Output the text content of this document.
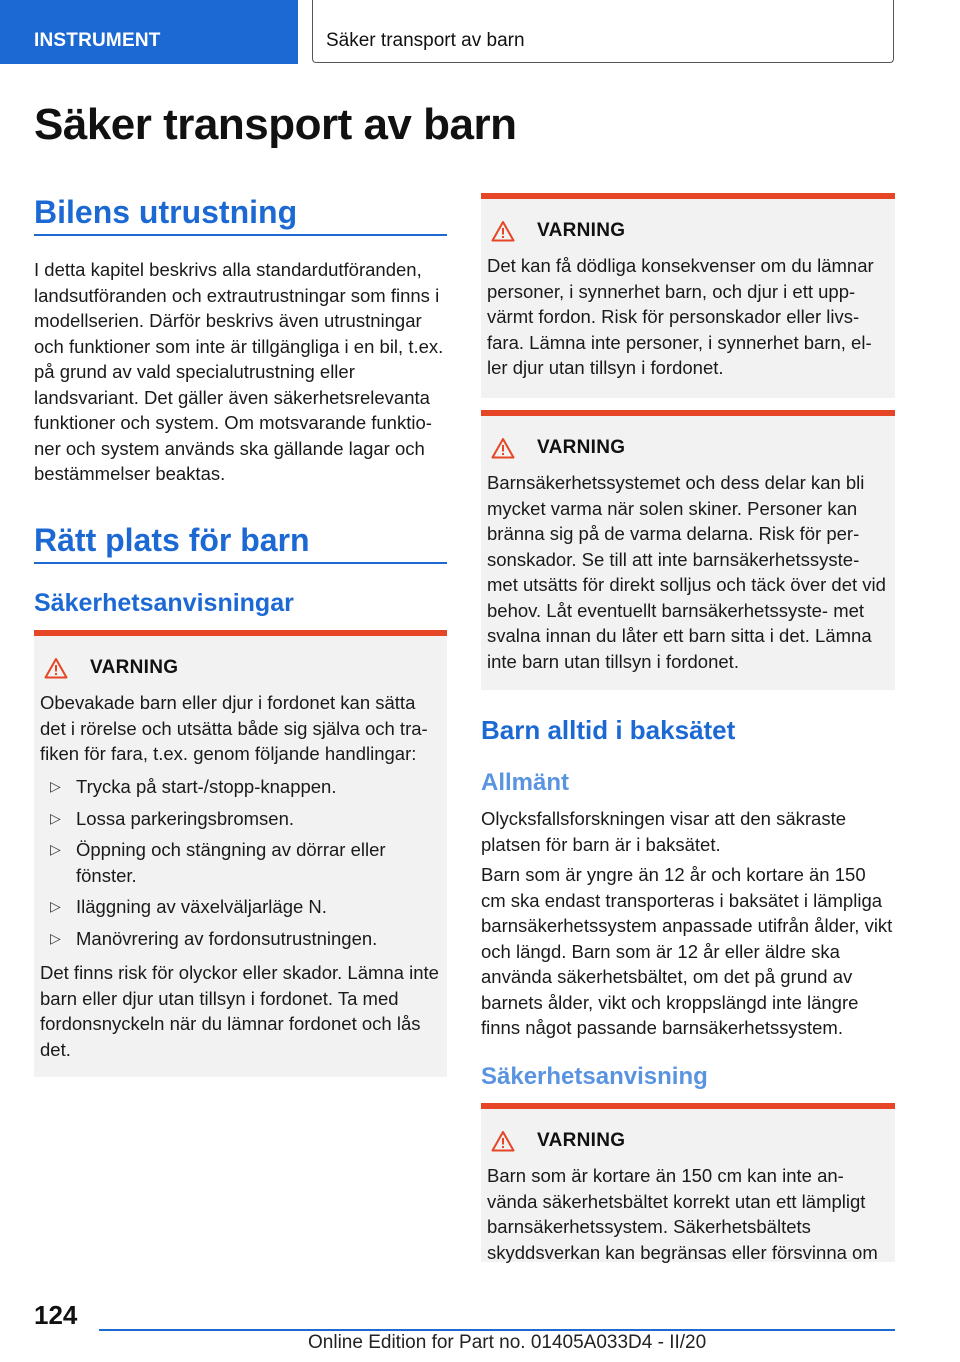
INSTRUMENT	Säker transport av barn
Säker transport av barn
Bilens utrustning

I detta kapitel beskrivs alla standardutföranden, landsutföranden och extrautrustningar som finns i modellserien. Därför beskrivs även utrustningar och funktioner som inte är tillgängliga i en bil, t.ex. på grund av vald specialutrustning eller landsvariant. Det gäller även säkerhetsrelevanta funktioner och system. Om motsvarande funktio‐ ner och system används ska gällande lagar och bestämmelser beaktas.

Rätt plats för barn
Säkerhetsanvisningar
VARNING

Obevakade barn eller djur i fordonet kan sätta det i rörelse och utsätta både sig själva och tra‐ fiken för fara, t.ex. genom följande handlingar:

▷ Trycka på start-/stopp-knappen.
▷ Lossa parkeringsbromsen.
▷ Öppning och stängning av dörrar eller fönster.
▷ Iläggning av växelväljarläge N.
▷ Manövrering av fordonsutrustningen.

Det finns risk för olyckor eller skador. Lämna inte barn eller djur utan tillsyn i fordonet. Ta med fordonsnyckeln när du lämnar fordonet och lås det.

VARNING

Det kan få dödliga konsekvenser om du lämnar personer, i synnerhet barn, och djur i ett upp‐ värmt fordon. Risk för personskador eller livs‐ fara. Lämna inte personer, i synnerhet barn, el‐ ler djur utan tillsyn i fordonet.

VARNING

Barnsäkerhetssystemet och dess delar kan bli mycket varma när solen skiner. Personer kan bränna sig på de varma delarna. Risk för per‐ sonskador. Se till att inte barnsäkerhetssyste‐ met utsätts för direkt solljus och täck över det vid behov. Låt eventuellt barnsäkerhetssyste‐ met svalna innan du låter ett barn sitta i det. Lämna inte barn utan tillsyn i fordonet.

Barn alltid i baksätet
Allmänt

Olycksfallsforskningen visar att den säkraste platsen för barn är i baksätet.

Barn som är yngre än 12 år och kortare än 150 cm ska endast transporteras i baksätet i lämpliga barnsäkerhetssystem anpassade utifrån ålder, vikt och längd. Barn som är 12 år eller äldre ska använda säkerhetsbältet, om det på grund av barnets ålder, vikt och kroppslängd inte längre finns något passande barnsäkerhetssystem.

Säkerhetsanvisning
VARNING

Barn som är kortare än 150 cm kan inte an‐ vända säkerhetsbältet korrekt utan ett lämpligt barnsäkerhetssystem. Säkerhetsbältets skyddsverkan kan begränsas eller försvinna om

124
Online Edition for Part no. 01405A033D4 - II/20
